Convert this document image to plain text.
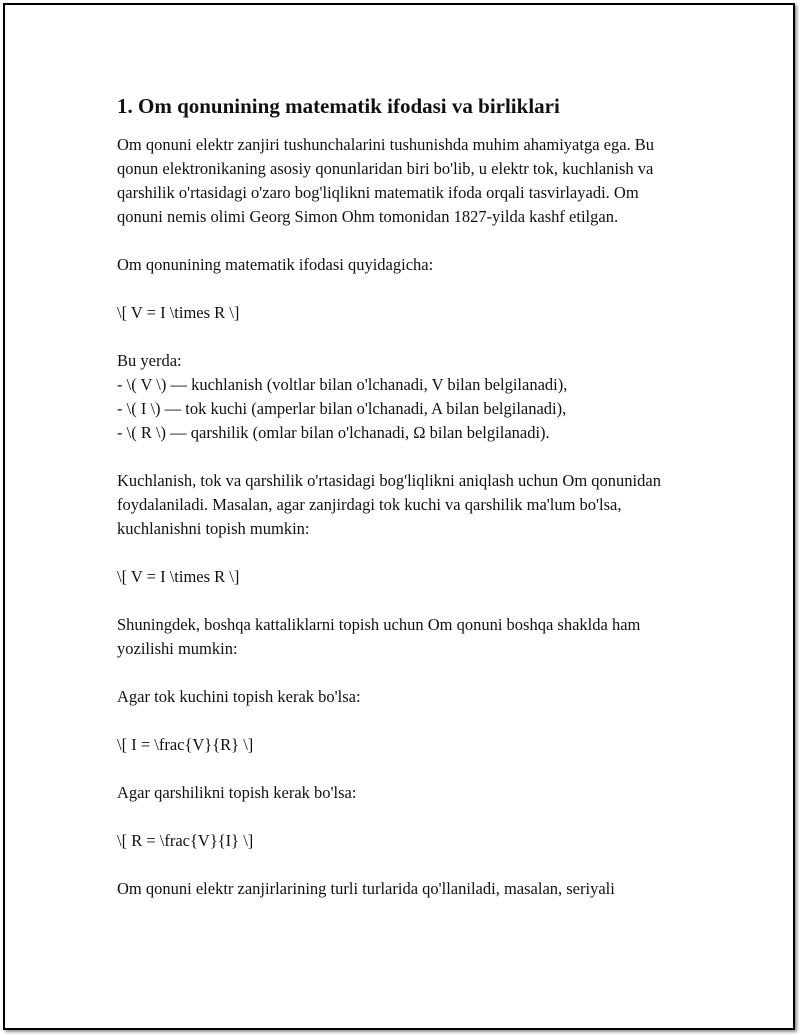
1. Om qonunining matematik ifodasi va birliklari

Om qonuni elektr zanjiri tushunchalarini tushunishda muhim ahamiyatga ega. Bu qonun elektronikaning asosiy qonunlaridan biri bo'lib, u elektr tok, kuchlanish va qarshilik o'rtasidagi o'zaro bog'liqlikni matematik ifoda orqali tasvirlayadi. Om qonuni nemis olimi Georg Simon Ohm tomonidan 1827-yilda kashf etilgan.

Om qonunining matematik ifodasi quyidagicha:

\[ V = I \times R \]

Bu yerda:
- \( V \) — kuchlanish (voltlar bilan o'lchanadi, V bilan belgilanadi),
- \( I \) — tok kuchi (amperlar bilan o'lchanadi, A bilan belgilanadi),
- \( R \) — qarshilik (omlar bilan o'lchanadi, Ω bilan belgilanadi).

Kuchlanish, tok va qarshilik o'rtasidagi bog'liqlikni aniqlash uchun Om qonunidan foydalaniladi. Masalan, agar zanjirdagi tok kuchi va qarshilik ma'lum bo'lsa, kuchlanishni topish mumkin:

\[ V = I \times R \]

Shuningdek, boshqa kattaliklarni topish uchun Om qonuni boshqa shaklda ham yozilishi mumkin:

Agar tok kuchini topish kerak bo'lsa:

\[ I = \frac{V}{R} \]

Agar qarshilikni topish kerak bo'lsa:

\[ R = \frac{V}{I} \]

Om qonuni elektr zanjirlarining turli turlarida qo'llaniladi, masalan, seriyali
